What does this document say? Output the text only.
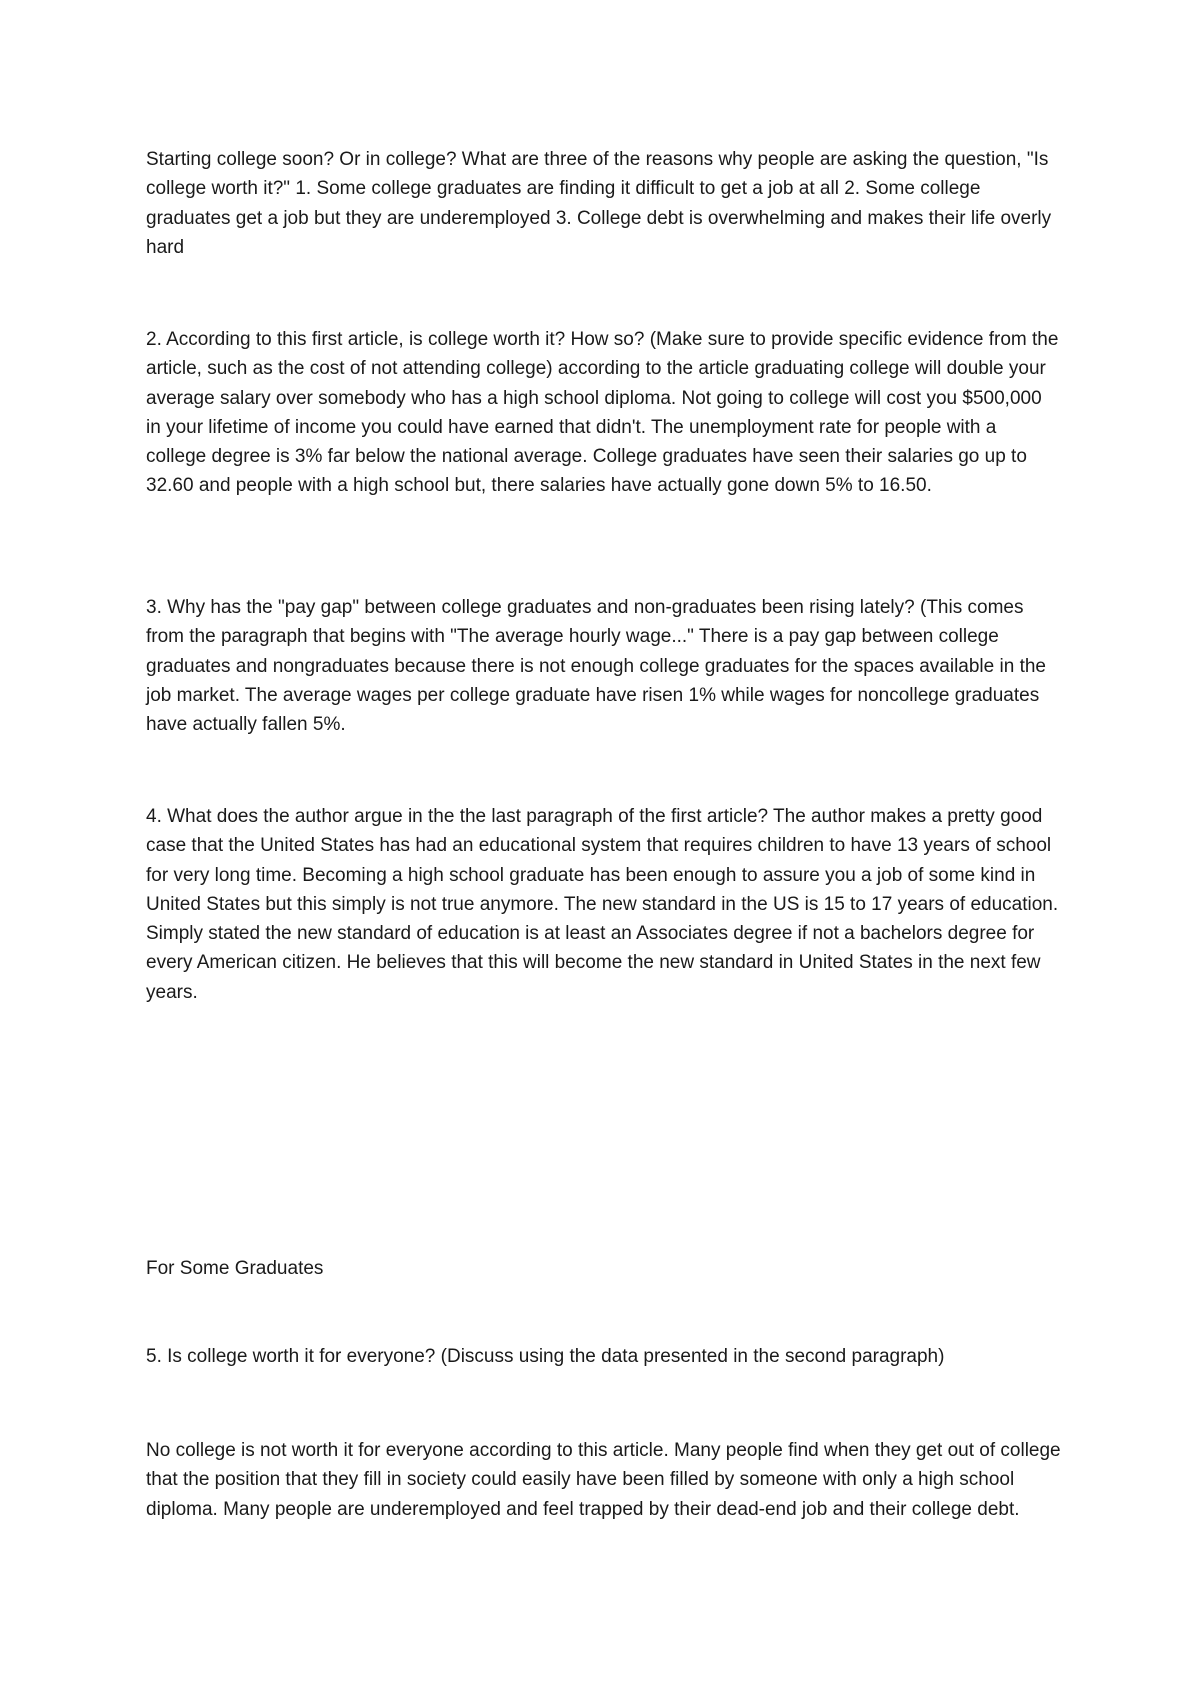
Starting college soon? Or in college? What are three of the reasons why people are asking the question, "Is college worth it?" 1. Some college graduates are finding it difficult to get a job at all 2. Some college graduates get a job but they are underemployed 3. College debt is overwhelming and makes their life overly hard

2. According to this first article, is college worth it? How so? (Make sure to provide specific evidence from the article, such as the cost of not attending college) according to the article graduating college will double your average salary over somebody who has a high school diploma. Not going to college will cost you $500,000 in your lifetime of income you could have earned that didn't. The unemployment rate for people with a college degree is 3% far below the national average. College graduates have seen their salaries go up to 32.60 and people with a high school but, there salaries have actually gone down 5% to 16.50.

3. Why has the "pay gap" between college graduates and non-graduates been rising lately? (This comes from the paragraph that begins with "The average hourly wage..." There is a pay gap between college graduates and nongraduates because there is not enough college graduates for the spaces available in the job market. The average wages per college graduate have risen 1% while wages for noncollege graduates have actually fallen 5%.

4. What does the author argue in the the last paragraph of the first article? The author makes a pretty good case that the United States has had an educational system that requires children to have 13 years of school for very long time. Becoming a high school graduate has been enough to assure you a job of some kind in United States but this simply is not true anymore. The new standard in the US is 15 to 17 years of education. Simply stated the new standard of education is at least an Associates degree if not a bachelors degree for every American citizen. He believes that this will become the new standard in United States in the next few years.

For Some Graduates

5. Is college worth it for everyone? (Discuss using the data presented in the second paragraph)

No college is not worth it for everyone according to this article. Many people find when they get out of college that the position that they fill in society could easily have been filled by someone with only a high school diploma. Many people are underemployed and feel trapped by their dead-end job and their college debt.
